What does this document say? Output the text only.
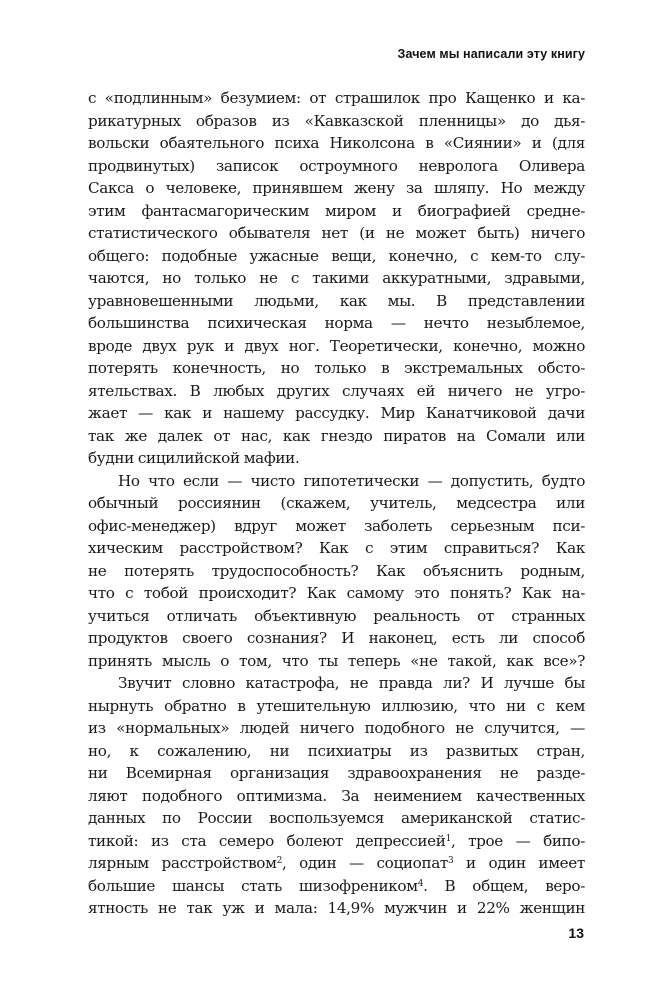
Зачем мы написали эту книгу
с «подлинным» безумием: от страшилок про Кащенко и ка-
рикатурных образов из «Кавказской пленницы» до дья-
вольски обаятельного психа Николсона в «Сиянии» и (для
продвинутых) записок остроумного невролога Оливера
Сакса о человеке, принявшем жену за шляпу. Но между
этим фантасмагорическим миром и биографией средне-
статистического обывателя нет (и не может быть) ничего
общего: подобные ужасные вещи, конечно, с кем-то слу-
чаются, но только не с такими аккуратными, здравыми,
уравновешенными людьми, как мы. В представлении
большинства психическая норма — нечто незыблемое,
вроде двух рук и двух ног. Теоретически, конечно, можно
потерять конечность, но только в экстремальных обсто-
ятельствах. В любых других случаях ей ничего не угро-
жает — как и нашему рассудку. Мир Канатчиковой дачи
так же далек от нас, как гнездо пиратов на Сомали или
будни сицилийской мафии.
Но что если — чисто гипотетически — допустить, будто
обычный россиянин (скажем, учитель, медсестра или
офис-менеджер) вдруг может заболеть серьезным пси-
хическим расстройством? Как с этим справиться? Как
не потерять трудоспособность? Как объяснить родным,
что с тобой происходит? Как самому это понять? Как на-
учиться отличать объективную реальность от странных
продуктов своего сознания? И наконец, есть ли способ
принять мысль о том, что ты теперь «не такой, как все»?
Звучит словно катастрофа, не правда ли? И лучше бы
нырнуть обратно в утешительную иллюзию, что ни с кем
из «нормальных» людей ничего подобного не случится, —
но, к сожалению, ни психиатры из развитых стран,
ни Всемирная организация здравоохранения не разде-
ляют подобного оптимизма. За неимением качественных
данных по России воспользуемся американской статис-
тикой: из ста семеро болеют депрессией$^1$, трое — бипо-
лярным расстройством$^2$, один — социопат$^3$ и один имеет
большие шансы стать шизофреником$^4$. В общем, веро-
ятность не так уж и мала: 14,9% мужчин и 22% женщин
13
